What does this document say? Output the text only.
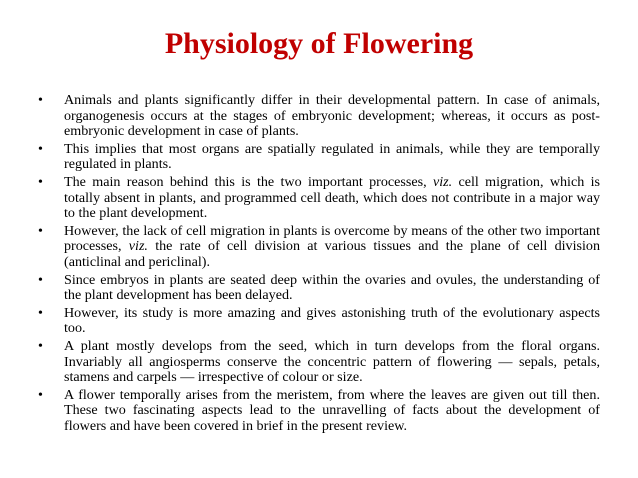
Physiology of Flowering
•	Animals and plants significantly differ in their developmental pattern. In case of animals, organogenesis occurs at the stages of embryonic development; whereas, it occurs as post-embryonic development in case of plants.
•	This implies that most organs are spatially regulated in animals, while they are temporally regulated in plants.
•	The main reason behind this is the two important processes, viz. cell migration, which is totally absent in plants, and programmed cell death, which does not contribute in a major way to the plant development.
•	However, the lack of cell migration in plants is overcome by means of the other two important processes, viz. the rate of cell division at various tissues and the plane of cell division (anticlinal and periclinal).
•	Since embryos in plants are seated deep within the ovaries and ovules, the understanding of the plant development has been delayed.
•	However, its study is more amazing and gives astonishing truth of the evolutionary aspects too.
•	A plant mostly develops from the seed, which in turn develops from the floral organs. Invariably all angiosperms conserve the concentric pattern of flowering — sepals, petals, stamens and carpels — irrespective of colour or size.
•	A flower temporally arises from the meristem, from where the leaves are given out till then. These two fascinating aspects lead to the unravelling of facts about the development of flowers and have been covered in brief in the present review.
